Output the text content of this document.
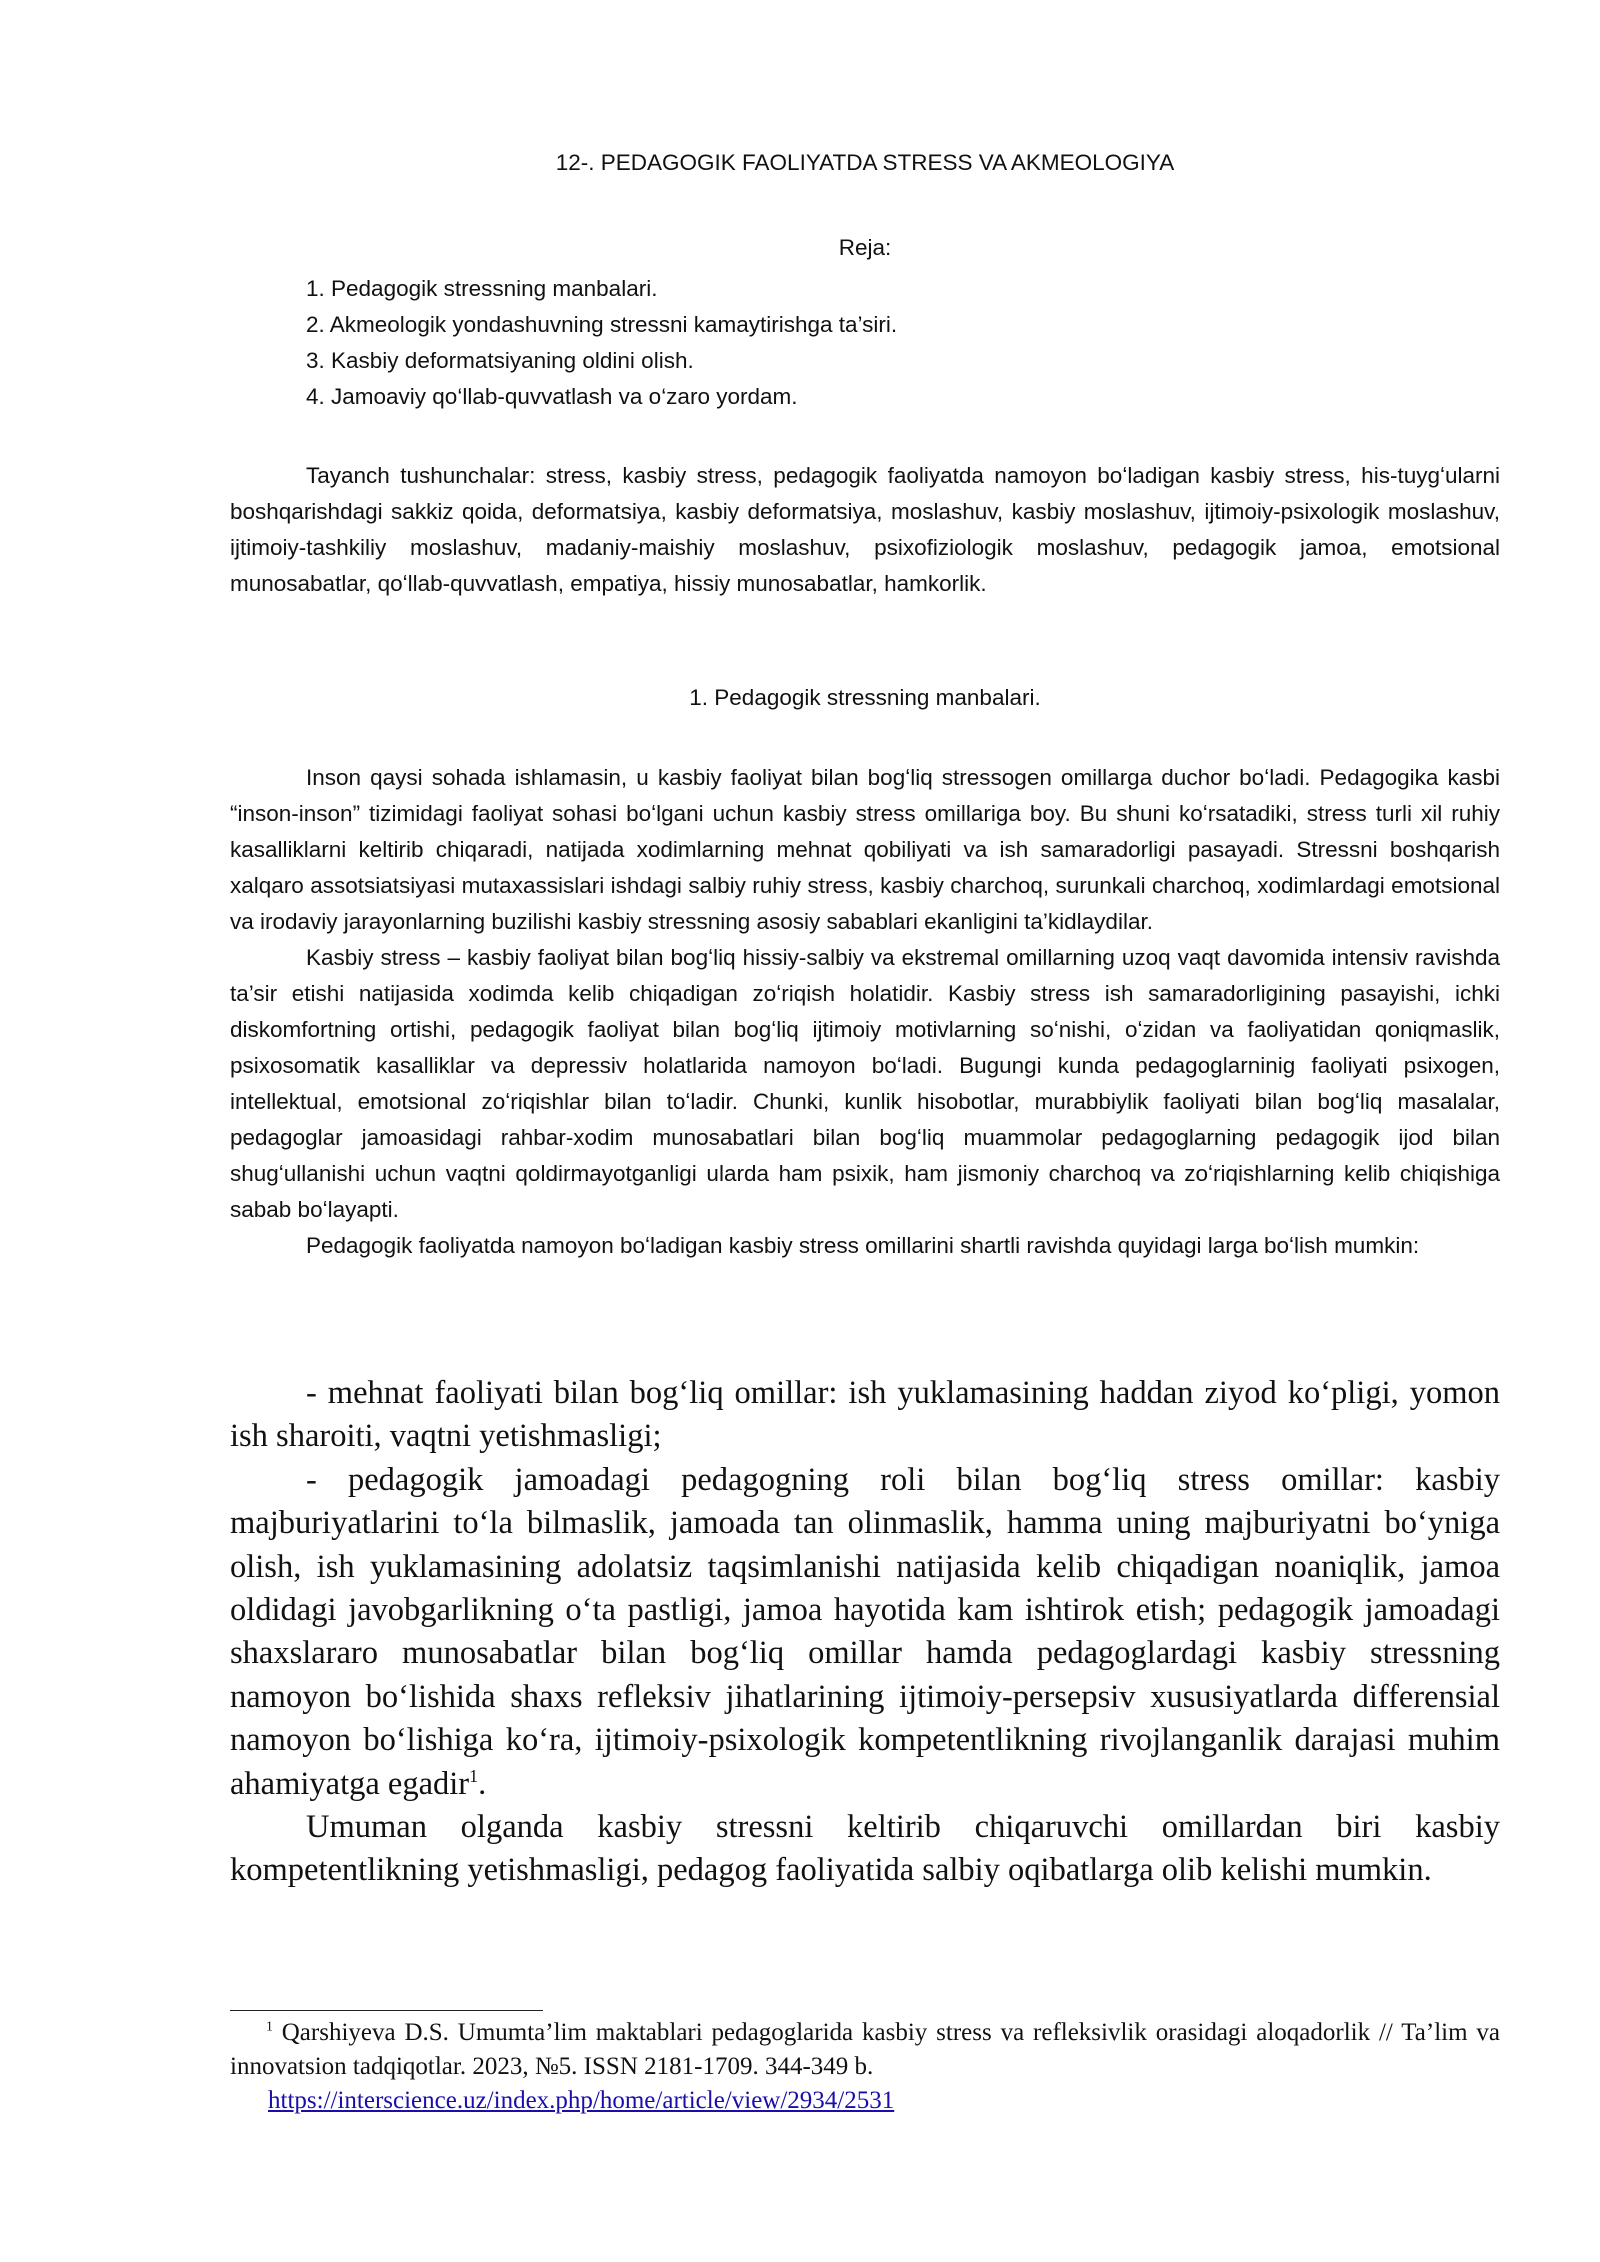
12-. PEDAGOGIK FAOLIYATDA STRESS VA AKMEOLOGIYA
Reja:
1. Pedagogik stressning manbalari.
2. Akmeologik yondashuvning stressni kamaytirishga ta’siri.
3. Kasbiy deformatsiyaning oldini olish.
4. Jamoaviy qo‘llab-quvvatlash va o‘zaro yordam.

Tayanch tushunchalar: stress, kasbiy stress, pedagogik faoliyatda namoyon boʻladigan kasbiy stress, his-tuygʻularni boshqarishdagi sakkiz qoida, deformatsiya, kasbiy deformatsiya, moslashuv, kasbiy moslashuv, ijtimoiy-psixologik moslashuv, ijtimoiy-tashkiliy moslashuv, madaniy-maishiy moslashuv, psixofiziologik moslashuv, pedagogik jamoa, emotsional munosabatlar, qoʻllab-quvvatlash, empatiya, hissiy munosabatlar, hamkorlik.

1. Pedagogik stressning manbalari.

Inson qaysi sohada ishlamasin, u kasbiy faoliyat bilan bogʻliq stressogen omillarga duchor boʻladi. Pedagogika kasbi “inson-inson” tizimidagi faoliyat sohasi boʻlgani uchun kasbiy stress omillariga boy. Bu shuni koʻrsatadiki, stress turli xil ruhiy kasalliklarni keltirib chiqaradi, natijada xodimlarning mehnat qobiliyati va ish samaradorligi pasayadi. Stressni boshqarish xalqaro assotsiatsiyasi mutaxassislari ishdagi salbiy ruhiy stress, kasbiy charchoq, surunkali charchoq, xodimlardagi emotsional va irodaviy jarayonlarning buzilishi kasbiy stressning asosiy sabablari ekanligini ta’kidlaydilar.

Kasbiy stress – kasbiy faoliyat bilan bogʻliq hissiy-salbiy va ekstremal omillarning uzoq vaqt davomida intensiv ravishda ta’sir etishi natijasida xodimda kelib chiqadigan zoʻriqish holatidir. Kasbiy stress ish samaradorligining pasayishi, ichki diskomfortning ortishi, pedagogik faoliyat bilan bogʻliq ijtimoiy motivlarning soʻnishi, oʻzidan va faoliyatidan qoniqmaslik, psixosomatik kasalliklar va depressiv holatlarida namoyon boʻladi. Bugungi kunda pedagoglarninig faoliyati psixogen, intellektual, emotsional zoʻriqishlar bilan toʻladir. Chunki, kunlik hisobotlar, murabbiylik faoliyati bilan bogʻliq masalalar, pedagoglar jamoasidagi rahbar-xodim munosabatlari bilan bogʻliq muammolar pedagoglarning pedagogik ijod bilan shugʻullanishi uchun vaqtni qoldirmayotganligi ularda ham psixik, ham jismoniy charchoq va zoʻriqishlarning kelib chiqishiga sabab boʻlayapti.

Pedagogik faoliyatda namoyon boʻladigan kasbiy stress omillarini shartli ravishda quyidagi larga boʻlish mumkin:

- mehnat faoliyati bilan bog‘liq omillar: ish yuklamasining haddan ziyod ko‘pligi, yomon ish sharoiti, vaqtni yetishmasligi;

- pedagogik jamoadagi pedagogning roli bilan bog‘liq stress omillar: kasbiy majburiyatlarini to‘la bilmaslik, jamoada tan olinmaslik, hamma uning majburiyatni bo‘yniga olish, ish yuklamasining adolatsiz taqsimlanishi natijasida kelib chiqadigan noaniqlik, jamoa oldidagi javobgarlikning o‘ta pastligi, jamoa hayotida kam ishtirok etish; pedagogik jamoadagi shaxslararo munosabatlar bilan bog‘liq omillar hamda pedagoglardagi kasbiy stressning namoyon bo‘lishida shaxs refleksiv jihatlarining ijtimoiy-persepsiv xususiyatlarda differensial namoyon bo‘lishiga ko‘ra, ijtimoiy-psixologik kompetentlikning rivojlanganlik darajasi muhim ahamiyatga egadir$^1$.

Umuman olganda kasbiy stressni keltirib chiqaruvchi omillardan biri kasbiy kompetentlikning yetishmasligi, pedagog faoliyatida salbiy oqibatlarga olib kelishi mumkin.

$^1$ Qarshiyeva D.S. Umumta’lim maktablari pedagoglarida kasbiy stress va refleksivlik orasidagi aloqadorlik // Ta’lim va innovatsion tadqiqotlar. 2023, №5. ISSN 2181-1709. 344-349 b.
https://interscience.uz/index.php/home/article/view/2934/2531
